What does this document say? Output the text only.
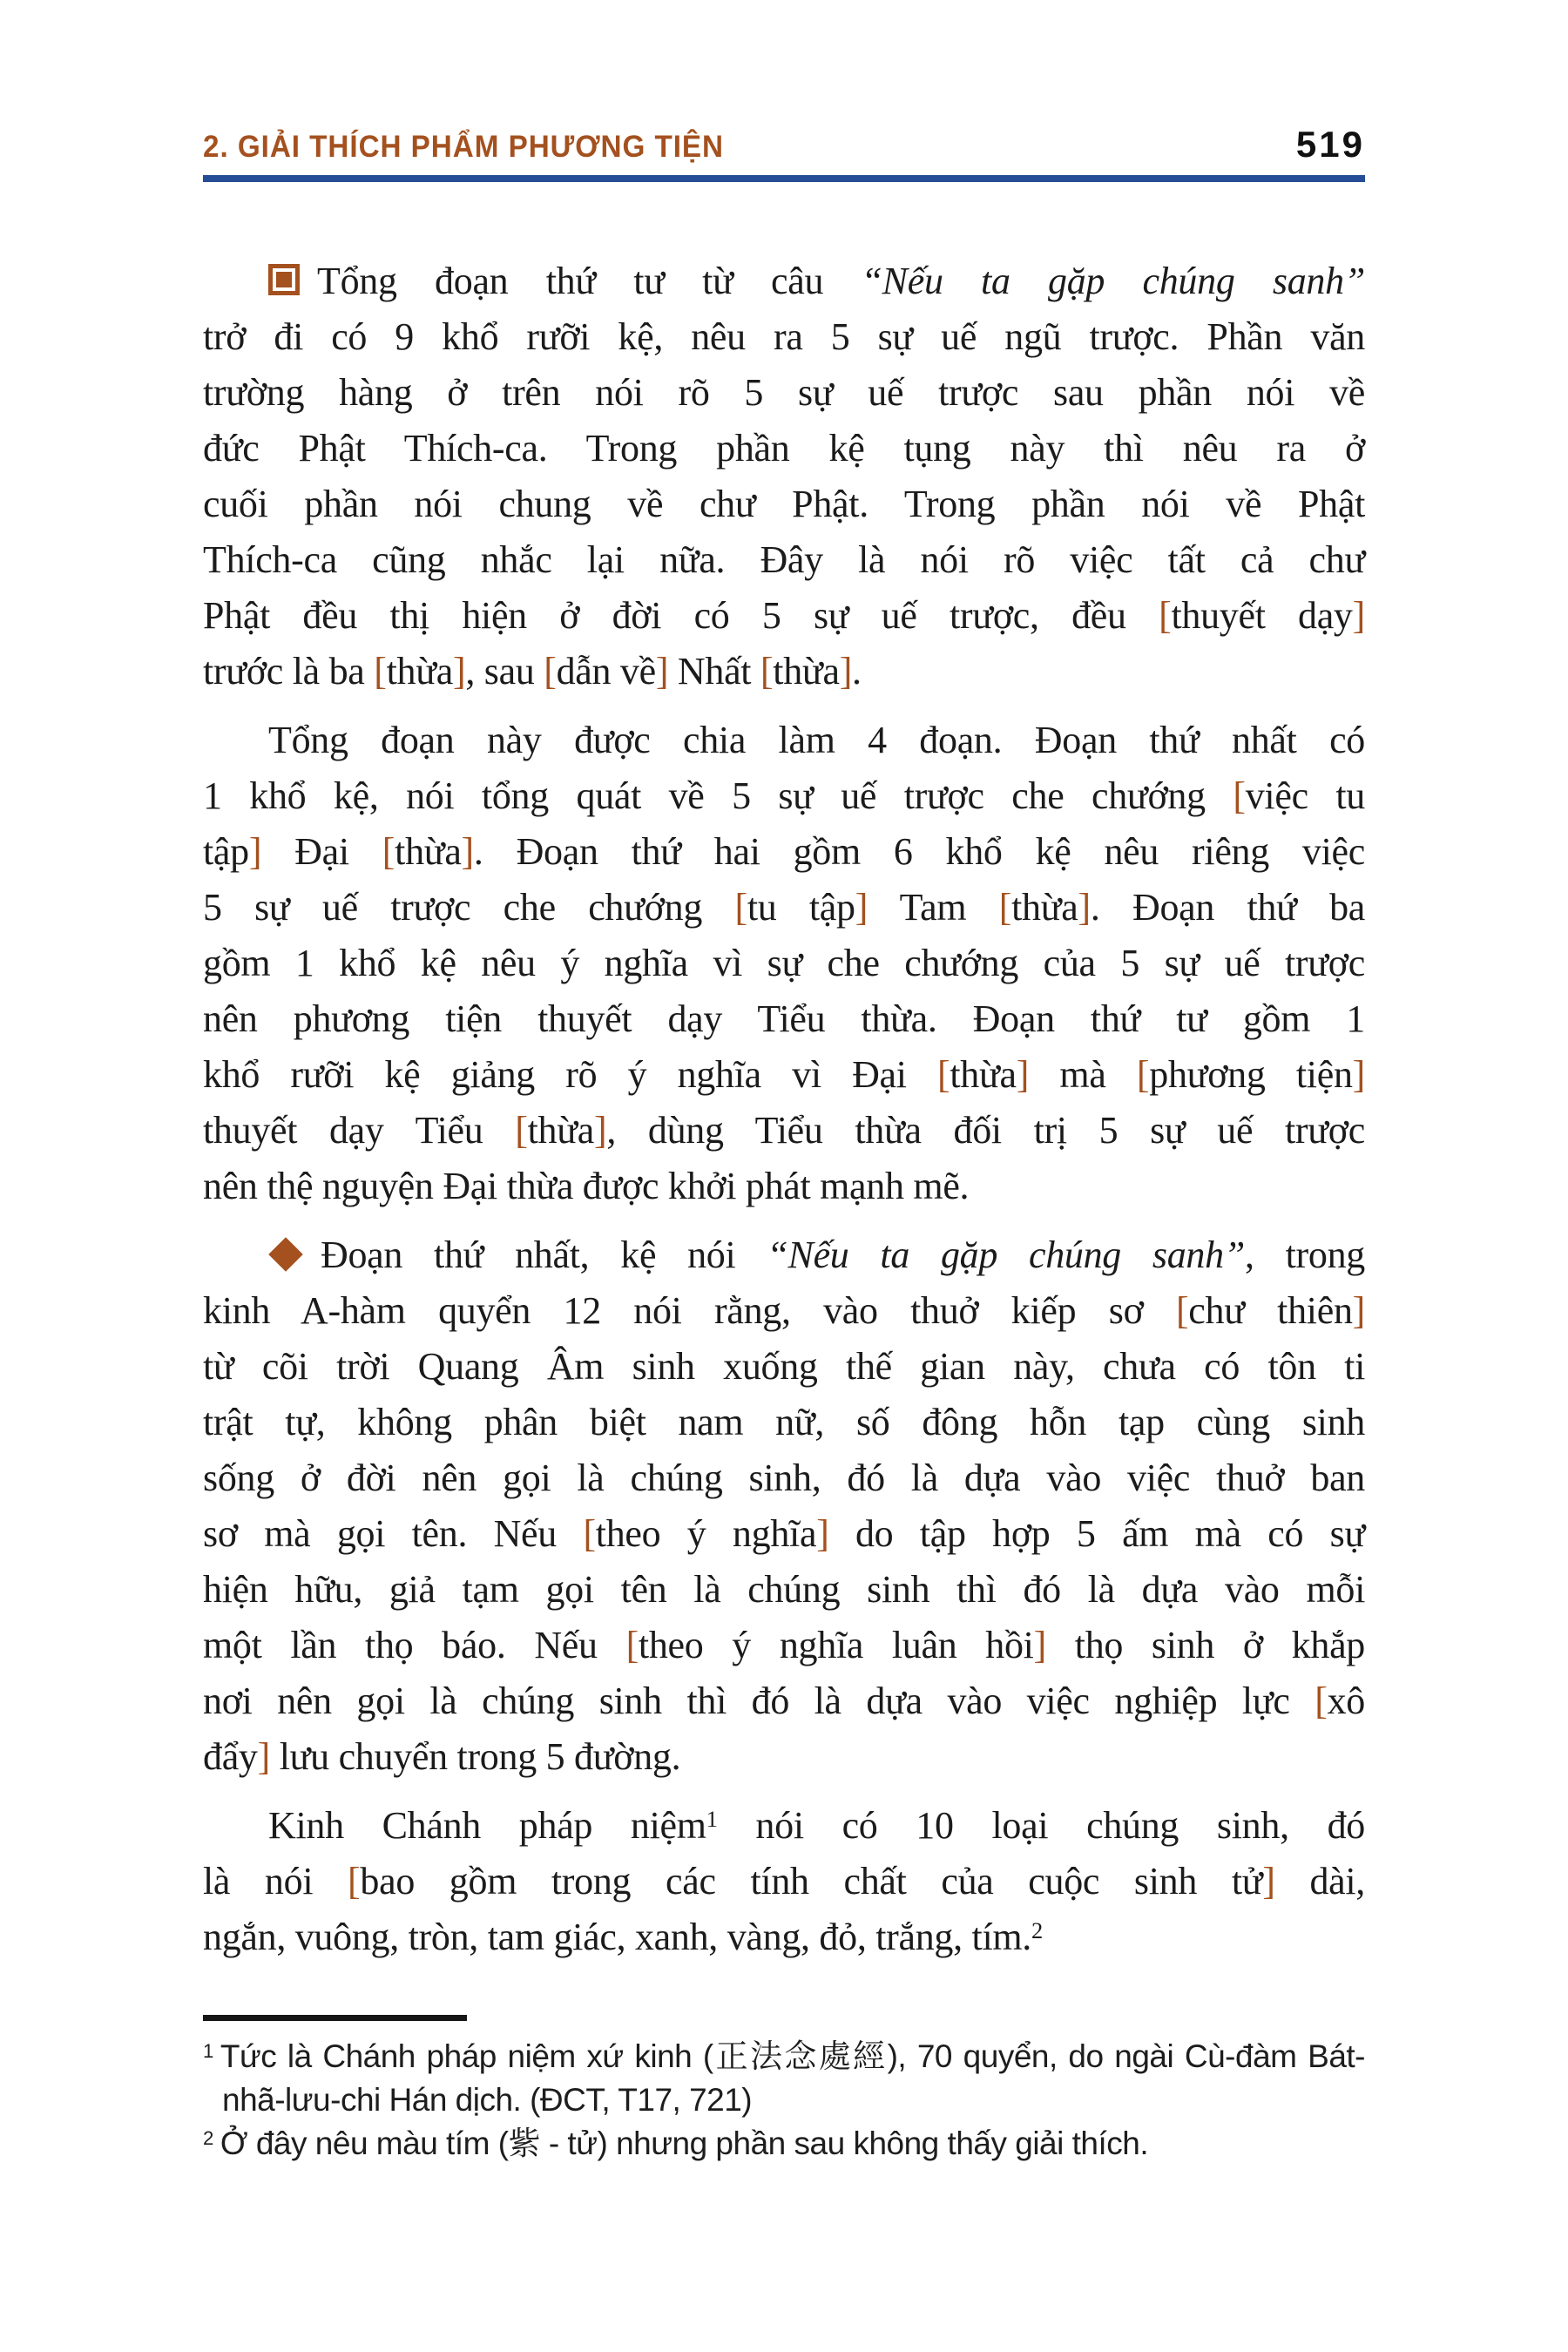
2. GIẢI THÍCH PHẨM PHƯƠNG TIỆN	519
Tổng đoạn thứ tư từ câu “Nếu ta gặp chúng sanh”
trở đi có 9 khổ rưỡi kệ, nêu ra 5 sự uế ngũ trược. Phần văn
trường hàng ở trên nói rõ 5 sự uế trược sau phần nói về
đức Phật Thích-ca. Trong phần kệ tụng này thì nêu ra ở
cuối phần nói chung về chư Phật. Trong phần nói về Phật
Thích-ca cũng nhắc lại nữa. Đây là nói rõ việc tất cả chư
Phật đều thị hiện ở đời có 5 sự uế trược, đều [thuyết dạy]
trước là ba [thừa], sau [dẫn về] Nhất [thừa].
Tổng đoạn này được chia làm 4 đoạn. Đoạn thứ nhất có
1 khổ kệ, nói tổng quát về 5 sự uế trược che chướng [việc tu
tập] Đại [thừa]. Đoạn thứ hai gồm 6 khổ kệ nêu riêng việc
5 sự uế trược che chướng [tu tập] Tam [thừa]. Đoạn thứ ba
gồm 1 khổ kệ nêu ý nghĩa vì sự che chướng của 5 sự uế trược
nên phương tiện thuyết dạy Tiểu thừa. Đoạn thứ tư gồm 1
khổ rưỡi kệ giảng rõ ý nghĩa vì Đại [thừa] mà [phương tiện]
thuyết dạy Tiểu [thừa], dùng Tiểu thừa đối trị 5 sự uế trược
nên thệ nguyện Đại thừa được khởi phát mạnh mẽ.
Đoạn thứ nhất, kệ nói “Nếu ta gặp chúng sanh”, trong
kinh A-hàm quyển 12 nói rằng, vào thuở kiếp sơ [chư thiên]
từ cõi trời Quang Âm sinh xuống thế gian này, chưa có tôn ti
trật tự, không phân biệt nam nữ, số đông hỗn tạp cùng sinh
sống ở đời nên gọi là chúng sinh, đó là dựa vào việc thuở ban
sơ mà gọi tên. Nếu [theo ý nghĩa] do tập hợp 5 ấm mà có sự
hiện hữu, giả tạm gọi tên là chúng sinh thì đó là dựa vào mỗi
một lần thọ báo. Nếu [theo ý nghĩa luân hồi] thọ sinh ở khắp
nơi nên gọi là chúng sinh thì đó là dựa vào việc nghiệp lực [xô
đẩy] lưu chuyển trong 5 đường.
Kinh Chánh pháp niệm$^1$ nói có 10 loại chúng sinh, đó
là nói [bao gồm trong các tính chất của cuộc sinh tử] dài,
ngắn, vuông, tròn, tam giác, xanh, vàng, đỏ, trắng, tím.$^2$
$^1$ Tức là Chánh pháp niệm xứ kinh (正法念處經), 70 quyển, do ngài Cù-đàm Bát-
nhã-lưu-chi Hán dịch. (ĐCT, T17, 721)
$^2$ Ở đây nêu màu tím (紫 - tử) nhưng phần sau không thấy giải thích.
